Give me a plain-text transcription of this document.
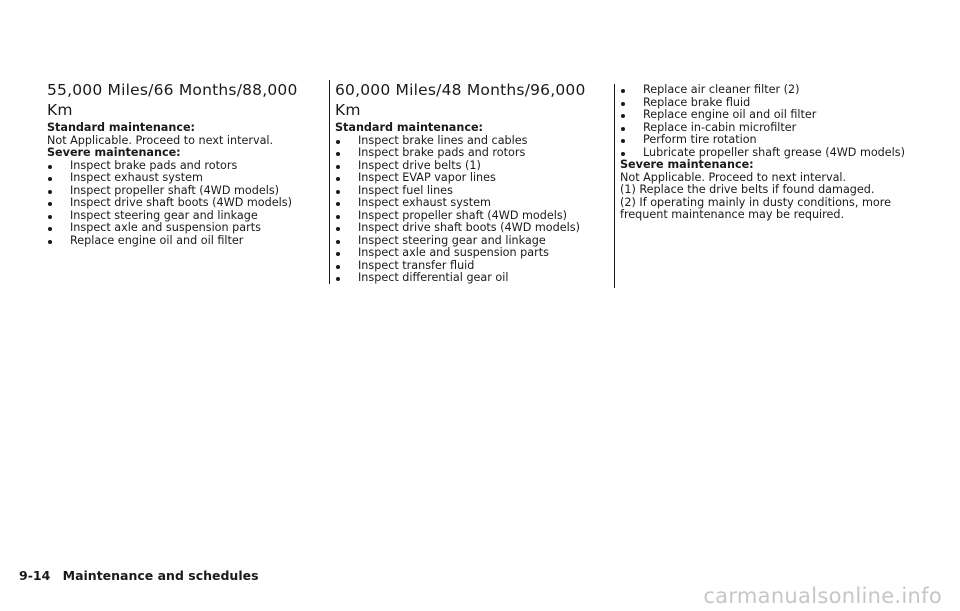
55,000 Miles/66 Months/88,000 Km
Standard maintenance:
Not Applicable. Proceed to next interval.
Severe maintenance:
Inspect brake pads and rotors
Inspect exhaust system
Inspect propeller shaft (4WD models)
Inspect drive shaft boots (4WD models)
Inspect steering gear and linkage
Inspect axle and suspension parts
Replace engine oil and oil filter
60,000 Miles/48 Months/96,000 Km
Standard maintenance:
Inspect brake lines and cables
Inspect brake pads and rotors
Inspect drive belts (1)
Inspect EVAP vapor lines
Inspect fuel lines
Inspect exhaust system
Inspect propeller shaft (4WD models)
Inspect drive shaft boots (4WD models)
Inspect steering gear and linkage
Inspect axle and suspension parts
Inspect transfer fluid
Inspect differential gear oil
Replace air cleaner filter (2)
Replace brake fluid
Replace engine oil and oil filter
Replace in-cabin microfilter
Perform tire rotation
Lubricate propeller shaft grease (4WD models)
Severe maintenance:
Not Applicable. Proceed to next interval.
(1) Replace the drive belts if found damaged.
(2) If operating mainly in dusty conditions, more frequent maintenance may be required.
9-14 Maintenance and schedules
carmanualsonline.info
